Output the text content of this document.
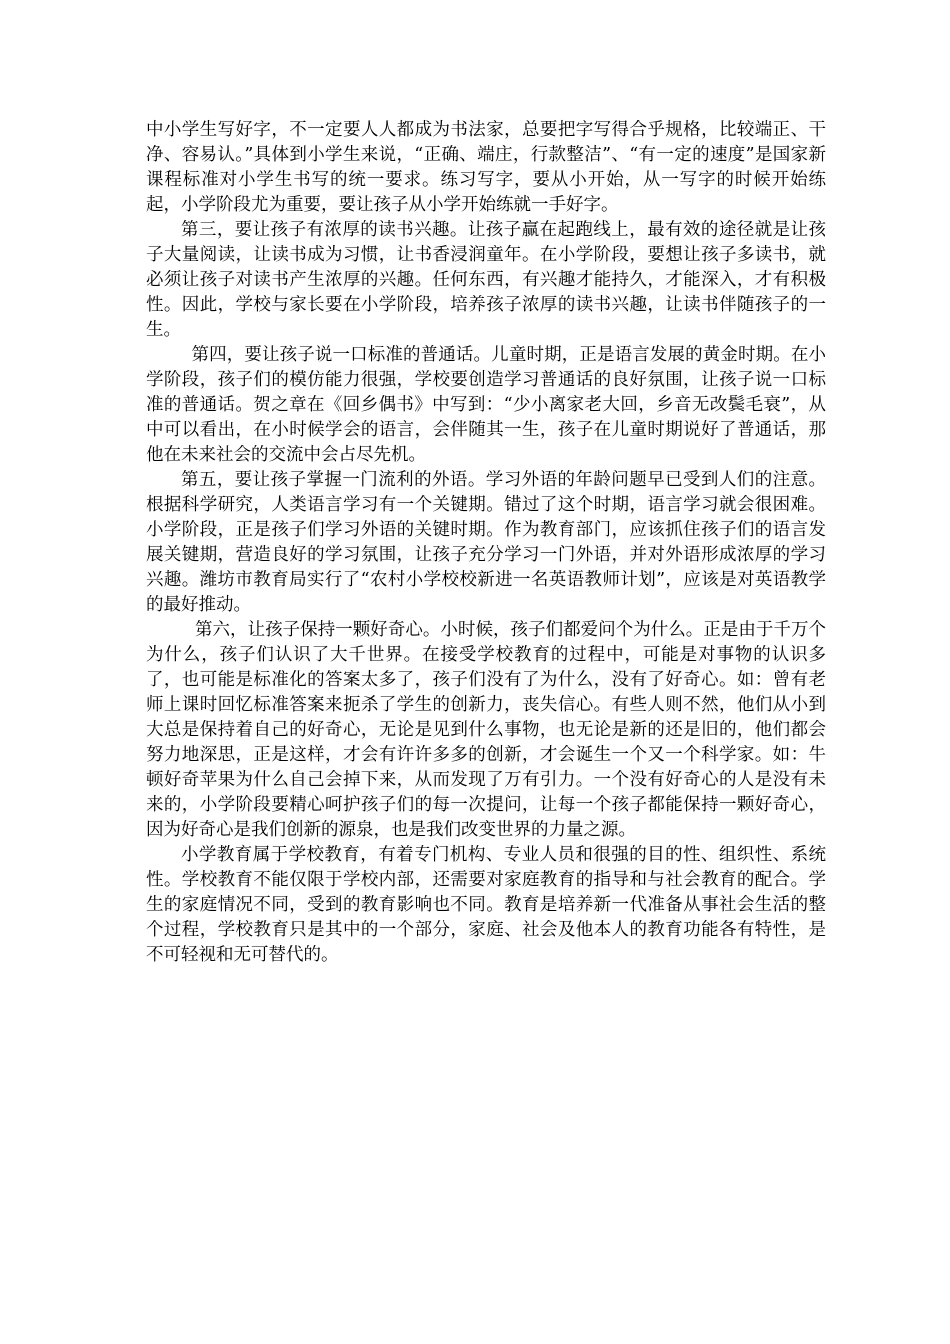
中小学生写好字，不一定要人人都成为书法家，总要把字写得合乎规格，比较端正、干净、容易认。”具体到小学生来说，“正确、端庄，行款整洁”、“有一定的速度”是国家新课程标准对小学生书写的统一要求。练习写字，要从小开始，从一写字的时候开始练起，小学阶段尤为重要，要让孩子从小学开始练就一手好字。

第三，要让孩子有浓厚的读书兴趣。让孩子赢在起跑线上，最有效的途径就是让孩子大量阅读，让读书成为习惯，让书香浸润童年。在小学阶段，要想让孩子多读书，就必须让孩子对读书产生浓厚的兴趣。任何东西，有兴趣才能持久，才能深入，才有积极性。因此，学校与家长要在小学阶段，培养孩子浓厚的读书兴趣，让读书伴随孩子的一生。

第四，要让孩子说一口标准的普通话。儿童时期，正是语言发展的黄金时期。在小学阶段，孩子们的模仿能力很强，学校要创造学习普通话的良好氛围，让孩子说一口标准的普通话。贺之章在《回乡偶书》中写到：“少小离家老大回，乡音无改鬓毛衰”，从中可以看出，在小时候学会的语言，会伴随其一生，孩子在儿童时期说好了普通话，那他在未来社会的交流中会占尽先机。

第五，要让孩子掌握一门流利的外语。学习外语的年龄问题早已受到人们的注意。根据科学研究，人类语言学习有一个关键期。错过了这个时期，语言学习就会很困难。小学阶段，正是孩子们学习外语的关键时期。作为教育部门，应该抓住孩子们的语言发展关键期，营造良好的学习氛围，让孩子充分学习一门外语，并对外语形成浓厚的学习兴趣。潍坊市教育局实行了“农村小学校校新进一名英语教师计划”，应该是对英语教学的最好推动。

第六，让孩子保持一颗好奇心。小时候，孩子们都爱问个为什么。正是由于千万个为什么，孩子们认识了大千世界。在接受学校教育的过程中，可能是对事物的认识多了，也可能是标准化的答案太多了，孩子们没有了为什么，没有了好奇心。如：曾有老师上课时回忆标准答案来扼杀了学生的创新力，丧失信心。有些人则不然，他们从小到大总是保持着自己的好奇心，无论是见到什么事物，也无论是新的还是旧的，他们都会努力地深思，正是这样，才会有许许多多的创新，才会诞生一个又一个科学家。如：牛顿好奇苹果为什么自己会掉下来，从而发现了万有引力。一个没有好奇心的人是没有未来的，小学阶段要精心呵护孩子们的每一次提问，让每一个孩子都能保持一颗好奇心，因为好奇心是我们创新的源泉，也是我们改变世界的力量之源。

小学教育属于学校教育，有着专门机构、专业人员和很强的目的性、组织性、系统性。学校教育不能仅限于学校内部，还需要对家庭教育的指导和与社会教育的配合。学生的家庭情况不同，受到的教育影响也不同。教育是培养新一代准备从事社会生活的整个过程，学校教育只是其中的一个部分，家庭、社会及他本人的教育功能各有特性，是不可轻视和无可替代的。
